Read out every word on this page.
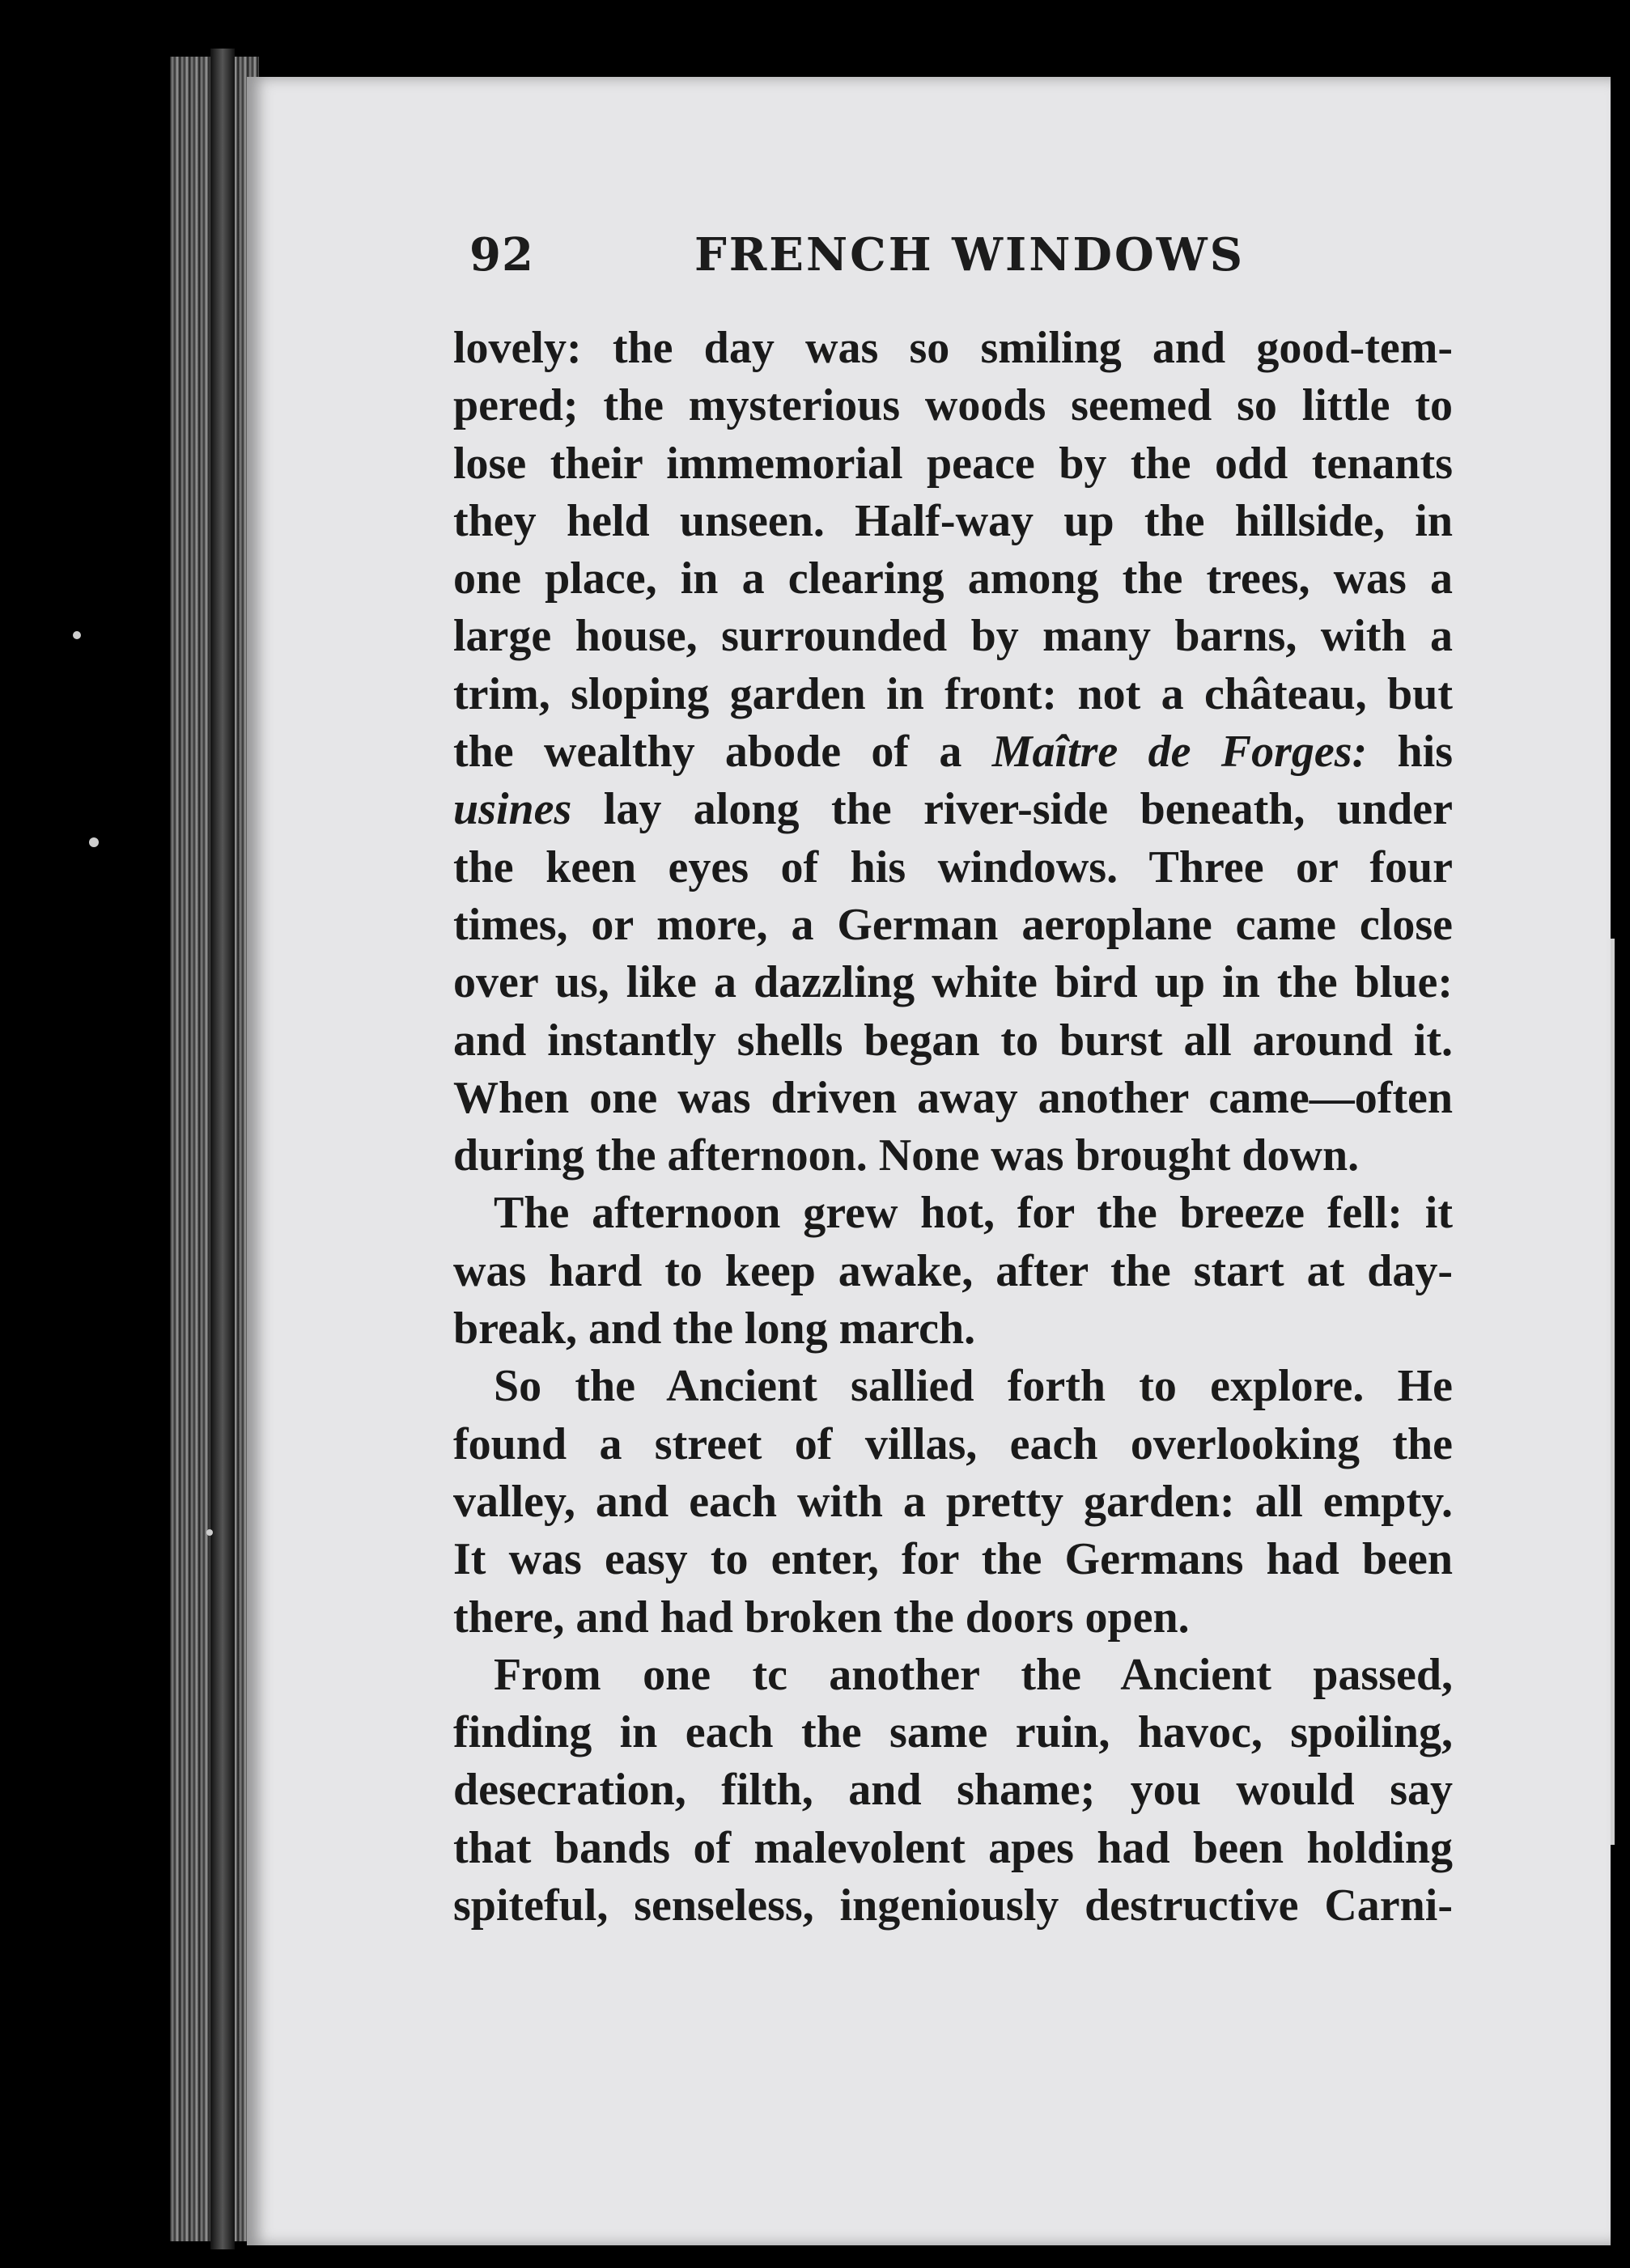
92	FRENCH WINDOWS
lovely: the day was so smiling and good-tem-
pered; the mysterious woods seemed so little to
lose their immemorial peace by the odd tenants
they held unseen. Half-way up the hillside, in
one place, in a clearing among the trees, was a
large house, surrounded by many barns, with a
trim, sloping garden in front: not a château, but
the wealthy abode of a Maître de Forges: his
usines lay along the river-side beneath, under
the keen eyes of his windows. Three or four
times, or more, a German aeroplane came close
over us, like a dazzling white bird up in the blue:
and instantly shells began to burst all around it.
When one was driven away another came—often
during the afternoon. None was brought down.
The afternoon grew hot, for the breeze fell: it
was hard to keep awake, after the start at day-
break, and the long march.
So the Ancient sallied forth to explore. He
found a street of villas, each overlooking the
valley, and each with a pretty garden: all empty.
It was easy to enter, for the Germans had been
there, and had broken the doors open.
From one tc another the Ancient passed,
finding in each the same ruin, havoc, spoiling,
desecration, filth, and shame; you would say
that bands of malevolent apes had been holding
spiteful, senseless, ingeniously destructive Carni-
